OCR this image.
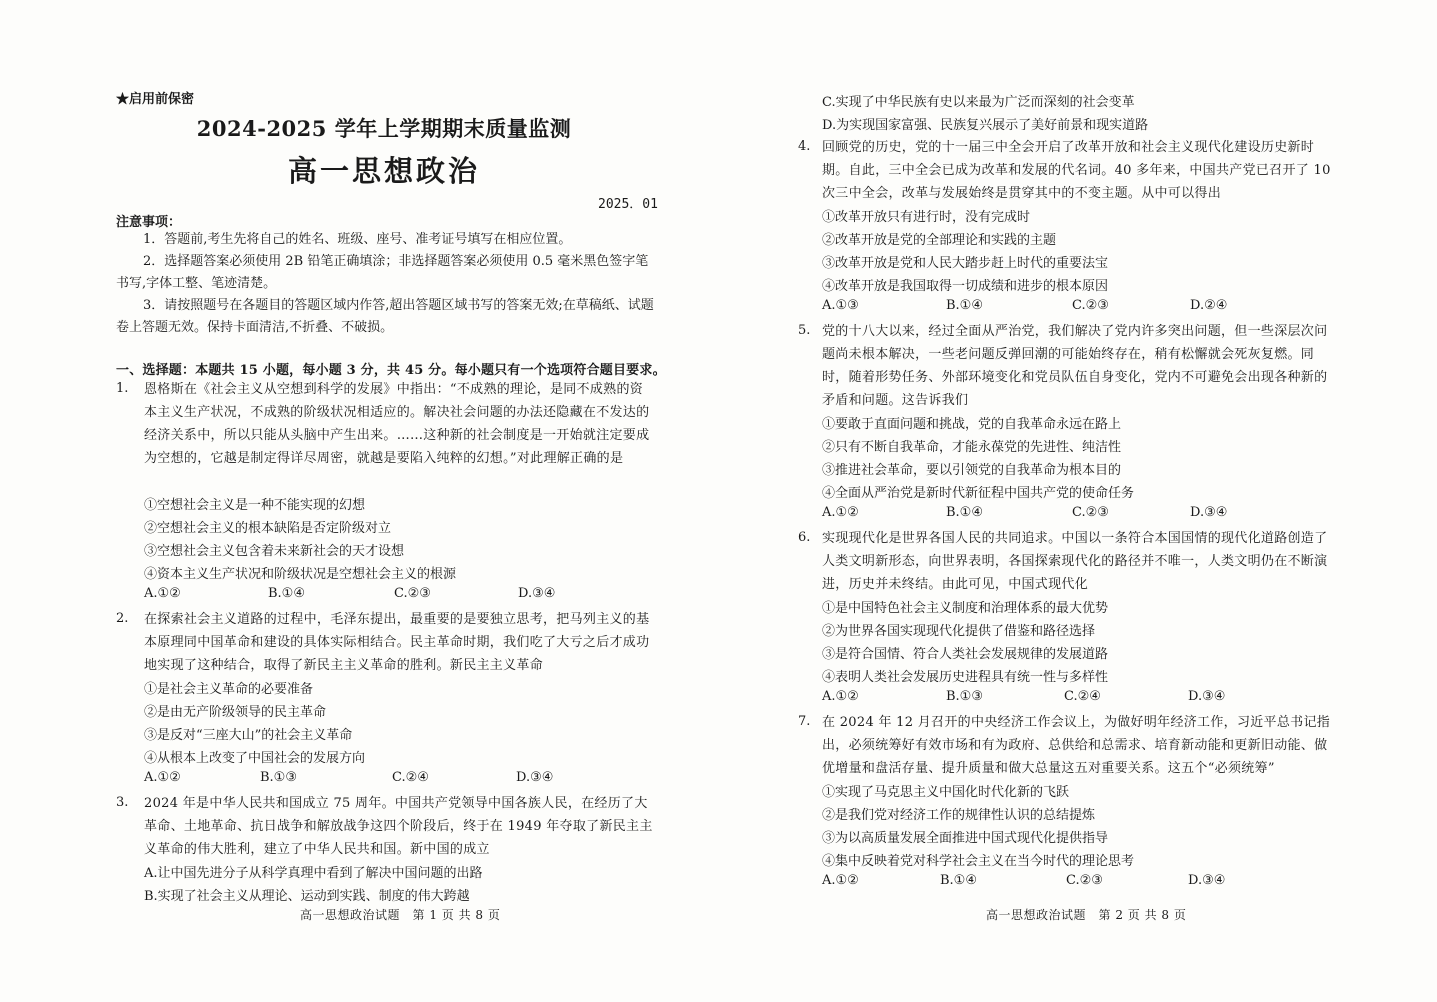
★启用前保密
2024-2025 学年上学期期末质量监测
高一思想政治
2025．01
注意事项：
1．答题前,考生先将自己的姓名、班级、座号、准考证号填写在相应位置。
2．选择题答案必须使用 2B 铅笔正确填涂；非选择题答案必须使用 0.5 毫米黑色签字笔书写,字体工整、笔迹清楚。
3．请按照题号在各题目的答题区域内作答,超出答题区域书写的答案无效;在草稿纸、试题卷上答题无效。保持卡面清洁,不折叠、不破损。
一、选择题：本题共 15 小题，每小题 3 分，共 45 分。每小题只有一个选项符合题目要求。
1. 恩格斯在《社会主义从空想到科学的发展》中指出：“不成熟的理论，是同不成熟的资本主义生产状况，不成熟的阶级状况相适应的。解决社会问题的办法还隐藏在不发达的经济关系中，所以只能从头脑中产生出来。……这种新的社会制度是一开始就注定要成为空想的，它越是制定得详尽周密，就越是要陷入纯粹的幻想。”对此理解正确的是
①空想社会主义是一种不能实现的幻想
②空想社会主义的根本缺陷是否定阶级对立
③空想社会主义包含着未来新社会的天才设想
④资本主义生产状况和阶级状况是空想社会主义的根源
A.①②	B.①④	C.②③	D.③④
2. 在探索社会主义道路的过程中，毛泽东提出，最重要的是要独立思考，把马列主义的基本原理同中国革命和建设的具体实际相结合。民主革命时期，我们吃了大亏之后才成功地实现了这种结合，取得了新民主主义革命的胜利。新民主主义革命
①是社会主义革命的必要准备
②是由无产阶级领导的民主革命
③是反对“三座大山”的社会主义革命
④从根本上改变了中国社会的发展方向
A.①②	B.①③	C.②④	D.③④
3. 2024 年是中华人民共和国成立 75 周年。中国共产党领导中国各族人民，在经历了大革命、土地革命、抗日战争和解放战争这四个阶段后，终于在 1949 年夺取了新民主主义革命的伟大胜利，建立了中华人民共和国。新中国的成立
A.让中国先进分子从科学真理中看到了解决中国问题的出路
B.实现了社会主义从理论、运动到实践、制度的伟大跨越
高一思想政治试题　第 1 页 共 8 页
C.实现了中华民族有史以来最为广泛而深刻的社会变革
D.为实现国家富强、民族复兴展示了美好前景和现实道路
4. 回顾党的历史，党的十一届三中全会开启了改革开放和社会主义现代化建设历史新时期。自此，三中全会已成为改革和发展的代名词。40 多年来，中国共产党已召开了 10 次三中全会，改革与发展始终是贯穿其中的不变主题。从中可以得出
①改革开放只有进行时，没有完成时
②改革开放是党的全部理论和实践的主题
③改革开放是党和人民大踏步赶上时代的重要法宝
④改革开放是我国取得一切成绩和进步的根本原因
A.①③	B.①④	C.②③	D.②④
5. 党的十八大以来，经过全面从严治党，我们解决了党内许多突出问题，但一些深层次问题尚未根本解决，一些老问题反弹回潮的可能始终存在，稍有松懈就会死灰复燃。同时，随着形势任务、外部环境变化和党员队伍自身变化，党内不可避免会出现各种新的矛盾和问题。这告诉我们
①要敢于直面问题和挑战，党的自我革命永远在路上
②只有不断自我革命，才能永葆党的先进性、纯洁性
③推进社会革命，要以引领党的自我革命为根本目的
④全面从严治党是新时代新征程中国共产党的使命任务
A.①②	B.①④	C.②③	D.③④
6. 实现现代化是世界各国人民的共同追求。中国以一条符合本国国情的现代化道路创造了人类文明新形态，向世界表明，各国探索现代化的路径并不唯一，人类文明仍在不断演进，历史并未终结。由此可见，中国式现代化
①是中国特色社会主义制度和治理体系的最大优势
②为世界各国实现现代化提供了借鉴和路径选择
③是符合国情、符合人类社会发展规律的发展道路
④表明人类社会发展历史进程具有统一性与多样性
A.①②	B.①③	C.②④	D.③④
7. 在 2024 年 12 月召开的中央经济工作会议上，为做好明年经济工作，习近平总书记指出，必须统筹好有效市场和有为政府、总供给和总需求、培育新动能和更新旧动能、做优增量和盘活存量、提升质量和做大总量这五对重要关系。这五个“必须统筹”
①实现了马克思主义中国化时代化新的飞跃
②是我们党对经济工作的规律性认识的总结提炼
③为以高质量发展全面推进中国式现代化提供指导
④集中反映着党对科学社会主义在当今时代的理论思考
A.①②	B.①④	C.②③	D.③④
高一思想政治试题　第 2 页 共 8 页
